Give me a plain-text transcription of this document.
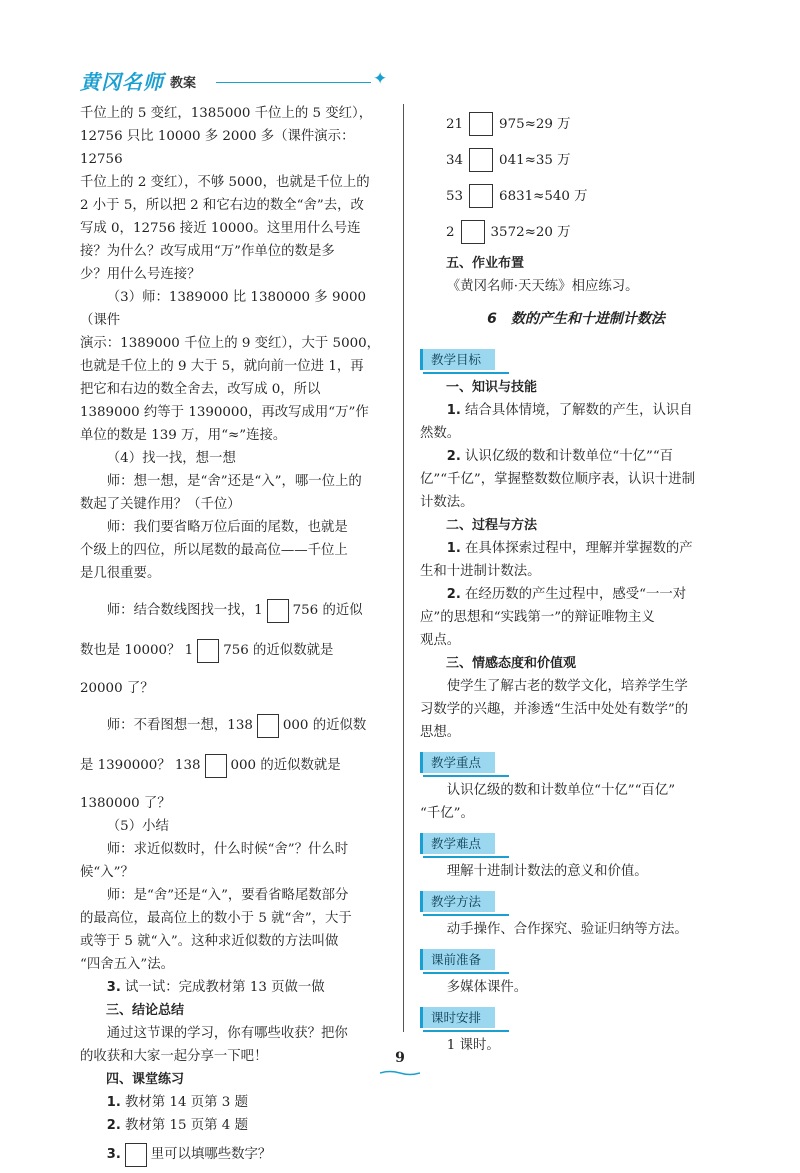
黄冈名师 教案	✦

千位上的 5 变红，1385000 千位上的 5 变红），

12756 只比 10000 多 2000 多（课件演示：12756

千位上的 2 变红），不够 5000，也就是千位上的

2 小于 5，所以把 2 和它右边的数全“舍”去，改

写成 0，12756 接近 10000。这里用什么号连

接？为什么？改写成用“万”作单位的数是多

少？用什么号连接？

（3）师：1389000 比 1380000 多 9000（课件

演示：1389000 千位上的 9 变红），大于 5000，

也就是千位上的 9 大于 5，就向前一位进 1，再

把它和右边的数全舍去，改写成 0，所以

1389000 约等于 1390000，再改写成用“万”作

单位的数是 139 万，用“≈”连接。

（4）找一找，想一想

师：想一想，是“舍”还是“入”，哪一位上的

数起了关键作用？（千位）

师：我们要省略万位后面的尾数，也就是

个级上的四位，所以尾数的最高位——千位上

是几很重要。

师：结合数线图找一找，1 756 的近似

数也是 10000？ 1 756 的近似数就是

20000 了？

师：不看图想一想，138 000 的近似数

是 1390000？ 138 000 的近似数就是

1380000 了？

（5）小结

师：求近似数时，什么时候“舍”？什么时

候“入”？

师：是“舍”还是“入”，要看省略尾数部分

的最高位，最高位上的数小于 5 就“舍”，大于

或等于 5 就“入”。这种求近似数的方法叫做

“四舍五入”法。

3. 试一试：完成教材第 13 页做一做

三、结论总结

通过这节课的学习，你有哪些收获？把你

的收获和大家一起分享一下吧！

四、课堂练习

1. 教材第 14 页第 3 题

2. 教材第 15 页第 4 题

3. 里可以填哪些数字？

21	975≈29 万
34	041≈35 万
53	6831≈540 万
2	3572≈20 万

五、作业布置

《黄冈名师·天天练》相应练习。

6　数的产生和十进制计数法
教学目标

一、知识与技能

1. 结合具体情境，了解数的产生，认识自

然数。

2. 认识亿级的数和计数单位“十亿”“百

亿”“千亿”，掌握整数数位顺序表，认识十进制

计数法。

二、过程与方法

1. 在具体探索过程中，理解并掌握数的产

生和十进制计数法。

2. 在经历数的产生过程中，感受“一一对

应”的思想和“实践第一”的辩证唯物主义

观点。

三、情感态度和价值观

使学生了解古老的数学文化，培养学生学

习数学的兴趣，并渗透“生活中处处有数学”的

思想。

教学重点

认识亿级的数和计数单位“十亿”“百亿”

“千亿”。

教学难点

理解十进制计数法的意义和价值。

教学方法

动手操作、合作探究、验证归纳等方法。

课前准备

多媒体课件。

课时安排

1 课时。

9
